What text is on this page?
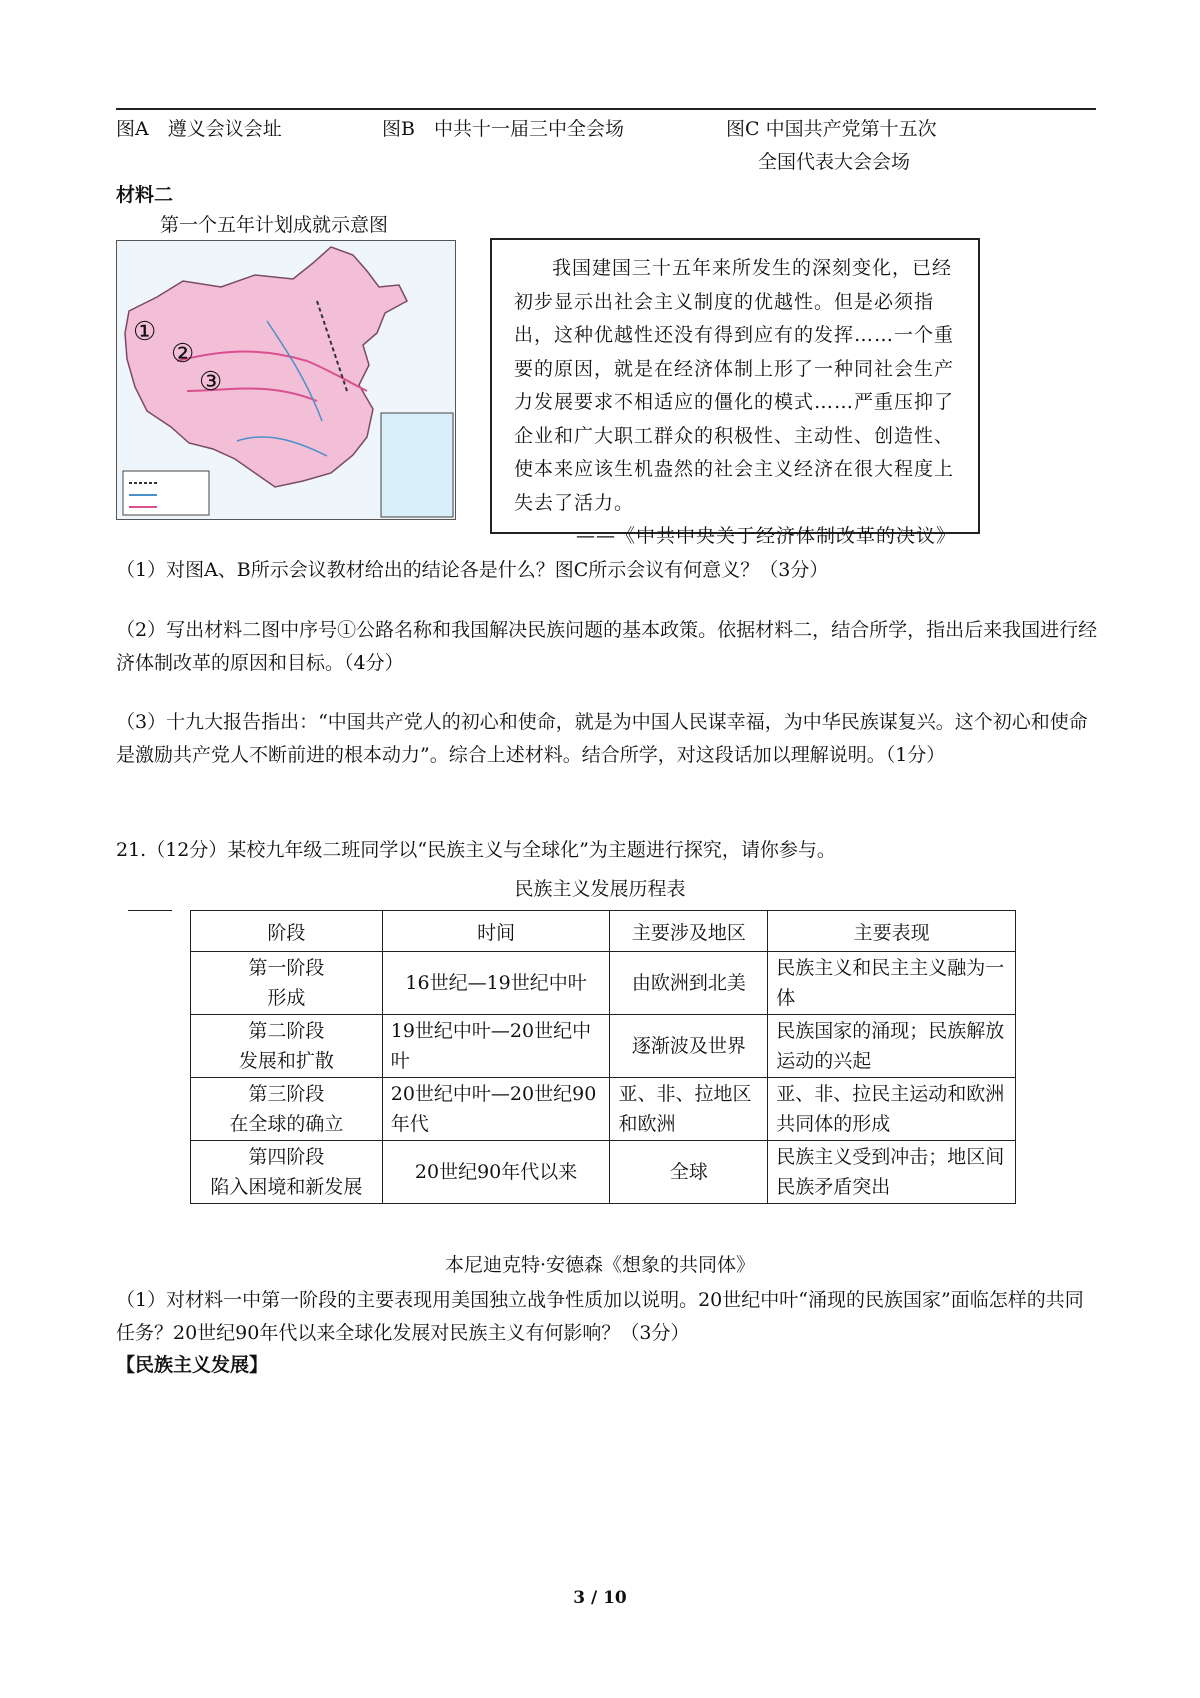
图A　遵义会议会址	图B　中共十一届三中全会场	图C 中国共产党第十五次
全国代表大会会场
材料二
第一个五年计划成就示意图
①
②
③

我国建国三十五年来所发生的深刻变化，已经初步显示出社会主义制度的优越性。但是必须指出，这种优越性还没有得到应有的发挥……一个重要的原因，就是在经济体制上形了一种同社会生产力发展要求不相适应的僵化的模式……严重压抑了企业和广大职工群众的积极性、主动性、创造性、使本来应该生机盎然的社会主义经济在很大程度上失去了活力。

——《中共中央关于经济体制改革的决议》

（1）对图A、B所示会议教材给出的结论各是什么？图C所示会议有何意义？（3分）
（2）写出材料二图中序号①公路名称和我国解决民族问题的基本政策。依据材料二，结合所学，指出后来我国进行经济体制改革的原因和目标。（4分）
（3）十九大报告指出：“中国共产党人的初心和使命，就是为中国人民谋幸福，为中华民族谋复兴。这个初心和使命是激励共产党人不断前进的根本动力”。综合上述材料。结合所学，对这段话加以理解说明。（1分）
21.（12分）某校九年级二班同学以“民族主义与全球化”为主题进行探究，请你参与。
民族主义发展历程表
阶段	时间	主要涉及地区	主要表现

第一阶段
形成	16世纪—19世纪中叶	由欧洲到北美	民族主义和民主主义融为一体

第二阶段
发展和扩散	19世纪中叶—20世纪中叶	逐渐波及世界	民族国家的涌现；民族解放运动的兴起

第三阶段
在全球的确立	20世纪中叶—20世纪90年代	亚、非、拉地区和欧洲	亚、非、拉民主运动和欧洲共同体的形成

第四阶段
陷入困境和新发展	20世纪90年代以来	全球	民族主义受到冲击；地区间民族矛盾突出
本尼迪克特·安德森《想象的共同体》
（1）对材料一中第一阶段的主要表现用美国独立战争性质加以说明。20世纪中叶“涌现的民族国家”面临怎样的共同任务？20世纪90年代以来全球化发展对民族主义有何影响？（3分）
【民族主义发展】
3 / 10
